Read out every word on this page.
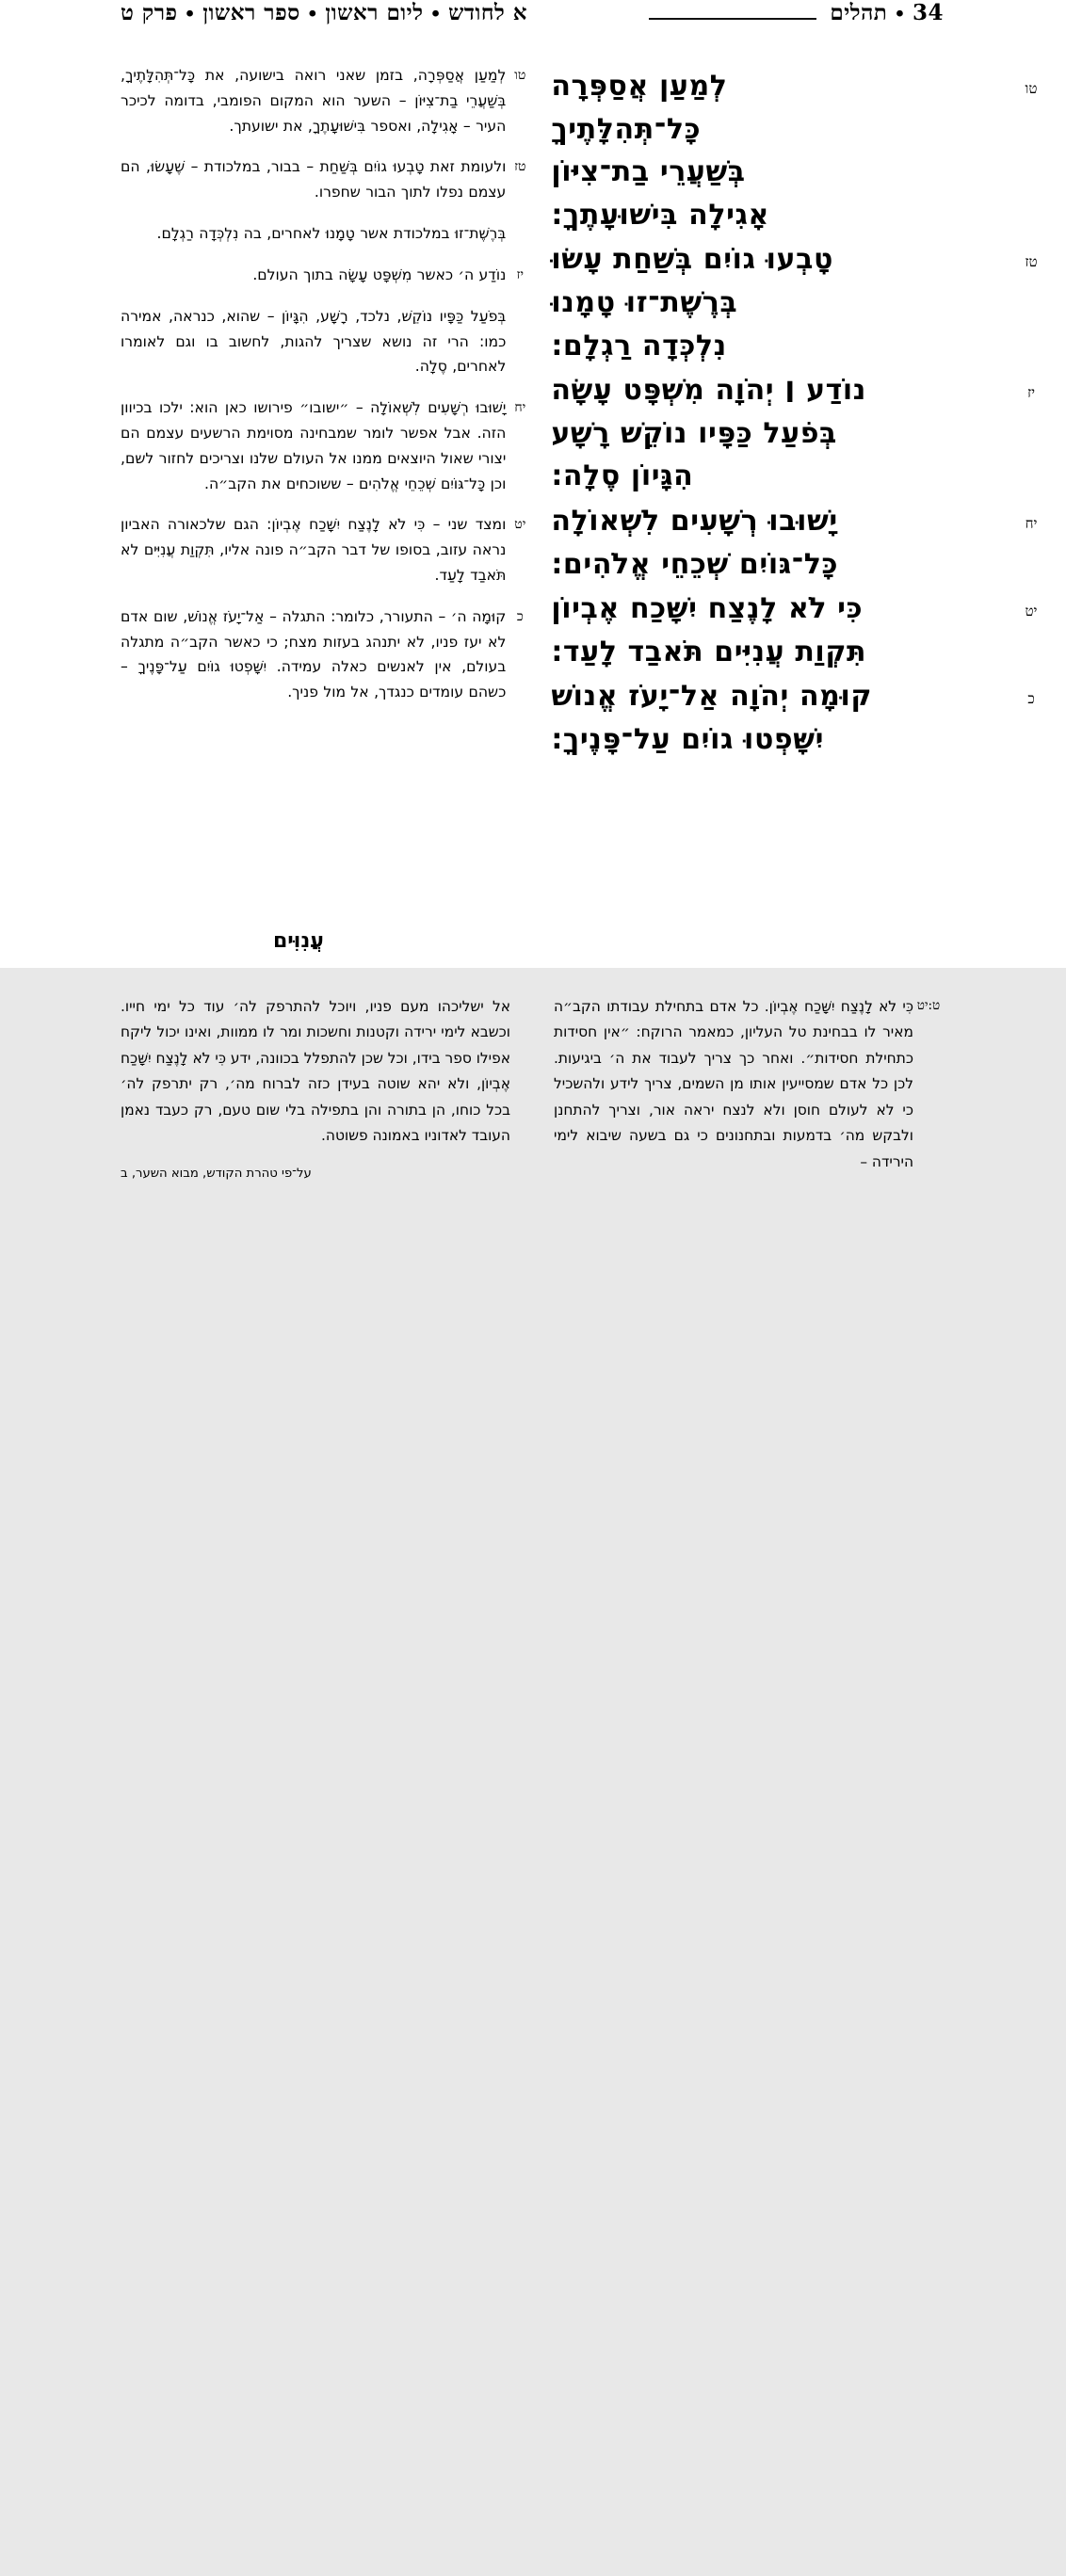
34
•
תהלים
א לחודש•ליום ראשון•ספר ראשון•פרק ט
טו
לְמַעַן אֲסַפְּרָה
כָּל־תְּהִלָּתֶיךָ
בְּשַׁעֲרֵי בַת־צִיּוֹן
אָגִילָה בִּישׁוּעָתֶךָ:
טז
טָבְעוּ גוֹיִם בְּשַׁחַת עָשׂוּ
בְּרֶשֶׁת־זוּ טָמָנוּ
נִלְכְּדָה רַגְלָם:
יז
נוֹדַע ׀ יְהֹוָה מִשְׁפָּט עָשָׂה
בְּפֹעַל כַּפָּיו נוֹקֵשׁ רָשָׁע
הִגָּיוֹן סֶלָה:
יח
יָשׁוּבוּ רְשָׁעִים לִשְׁאוֹלָה
כָּל־גּוֹיִם שְׁכֵחֵי אֱלֹהִים:
יט
כִּי לֹא לָנֶצַח יִשָּׁכַח אֶבְיוֹן
תִּקְוַת עֲנִיִּים תֹּאבַד לָעַד:
כ
קוּמָה יְהֹוָה אַל־יָעֹז אֱנוֹשׁ
יִשָּׁפְטוּ גוֹיִם עַל־פָּנֶיךָ:
טו
לְמַעַן אֲסַפְּרָה, בזמן שאני רואה בישועה, את כָּל־תְּהִלָּתֶיךָ, בְּשַׁעֲרֵי בַת־צִיּוֹן – השער הוא המקום הפומבי, בדומה לכיכר העיר – אָגִילָה, ואספר בִּישׁוּעָתֶךָ, את ישועתך.
טז
ולעומת זאת טָבְעוּ גוֹיִם בְּשַׁחַת – בבור, במלכודת – שֶׁעָשׂוּ, הם עצמם נפלו לתוך הבור שחפרו.
בְּרֶשֶׁת־זוּ במלכודת אשר טָמָנוּ לאחרים, בה נִלְכְּדָה רַגְלָם.
יז
נוֹדַע ה׳ כאשר מִשְׁפָּט עָשָׂה בתוך העולם.
בְּפֹעַל כַּפָּיו נוֹקֵשׁ, נלכד, רָשָׁע, הִגָּיוֹן – שהוא, כנראה, אמירה כמו: הרי זה נושא שצריך להגות, לחשוב בו וגם לאומרו לאחרים, סֶלָה.
יח
יָשׁוּבוּ רְשָׁעִים לִשְׁאוֹלָה – ״ישובו״ פירושו כאן הוא: ילכו בכיוון הזה. אבל אפשר לומר שמבחינה מסוימת הרשעים עצמם הם יצורי שאול היוצאים ממנו אל העולם שלנו וצריכים לחזור לשם, וכן כָּל־גּוֹיִם שְׁכֵחֵי אֱלֹהִים – ששוכחים את הקב״ה.
יט
ומצד שני – כִּי לֹא לָנֶצַח יִשָּׁכַח אֶבְיוֹן: הגם שלכאורה האביון נראה עזוב, בסופו של דבר הקב״ה פונה אליו, תִּקְוַת עֲנִיִּים לא תֹּאבַד לָעַד.
כ
קוּמָה ה׳ – התעורר, כלומר: התגלה – אַל־יָעֹז אֱנוֹשׁ, שום אדם לא יעז פניו, לא יתנהג בעזות מצח; כי כאשר הקב״ה מתגלה בעולם, אין לאנשים כאלה עמידה. יִשָּׁפְטוּ גוֹיִם עַל־פָּנֶיךָ – כשהם עומדים כנגדך, אל מול פניך.
עֲנִוִּים
ט:יט
כִּי לֹא לָנֶצַח יִשָּׁכַח אֶבְיוֹן. כל אדם בתחילת עבודתו הקב״ה מאיר לו בבחינת טל העליון, כמאמר הרוקח: ״אין חסידות כתחילת חסידות״. ואחר כך צריך לעבוד את ה׳ ביגיעות. לכן כל אדם שמסייעין אותו מן השמים, צריך לידע ולהשכיל כי לא לעולם חוסן ולא לנצח יראה אור, וצריך להתחנן ולבקש מה׳ בדמעות ובתחנונים כי גם בשעה שיבוא לימי הירידה –
אל ישליכהו מעם פניו, ויוכל להתרפק לה׳ עוד כל ימי חייו. וכשבא לימי ירידה וקטנות וחשכות ומר לו ממוות, ואינו יכול ליקח אפילו ספר בידו, וכל שכן להתפלל בכוונה, ידע כִּי לֹא לָנֶצַח יִשָּׁכַח אֶבְיוֹן, ולא יהא שוטה בעידן כזה לברוח מה׳, רק יתרפק לה׳ בכל כוחו, הן בתורה והן בתפילה בלי שום טעם, רק כעבד נאמן העובד לאדוניו באמונה פשוטה.
על־פי טהרת הקודש, מבוא השער, ב
